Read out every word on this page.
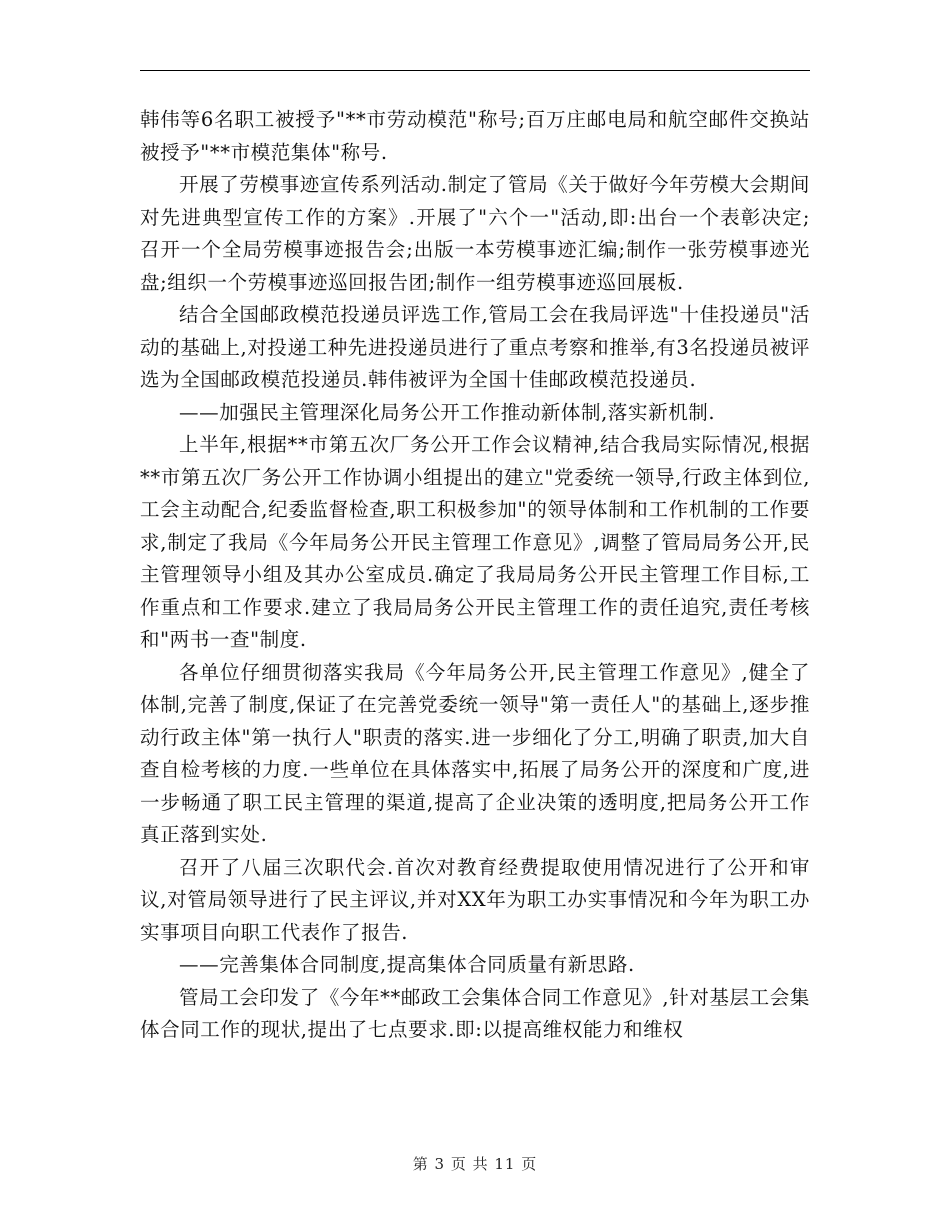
韩伟等6名职工被授予"**市劳动模范"称号;百万庄邮电局和航空邮件交换站被授予"**市模范集体"称号.

开展了劳模事迹宣传系列活动.制定了管局《关于做好今年劳模大会期间对先进典型宣传工作的方案》.开展了"六个一"活动,即:出台一个表彰决定;召开一个全局劳模事迹报告会;出版一本劳模事迹汇编;制作一张劳模事迹光盘;组织一个劳模事迹巡回报告团;制作一组劳模事迹巡回展板.

结合全国邮政模范投递员评选工作,管局工会在我局评选"十佳投递员"活动的基础上,对投递工种先进投递员进行了重点考察和推举,有3名投递员被评选为全国邮政模范投递员.韩伟被评为全国十佳邮政模范投递员.

——加强民主管理深化局务公开工作推动新体制,落实新机制.

上半年,根据**市第五次厂务公开工作会议精神,结合我局实际情况,根据**市第五次厂务公开工作协调小组提出的建立"党委统一领导,行政主体到位,工会主动配合,纪委监督检查,职工积极参加"的领导体制和工作机制的工作要求,制定了我局《今年局务公开民主管理工作意见》,调整了管局局务公开,民主管理领导小组及其办公室成员.确定了我局局务公开民主管理工作目标,工作重点和工作要求.建立了我局局务公开民主管理工作的责任追究,责任考核和"两书一查"制度.

各单位仔细贯彻落实我局《今年局务公开,民主管理工作意见》,健全了体制,完善了制度,保证了在完善党委统一领导"第一责任人"的基础上,逐步推动行政主体"第一执行人"职责的落实.进一步细化了分工,明确了职责,加大自查自检考核的力度.一些单位在具体落实中,拓展了局务公开的深度和广度,进一步畅通了职工民主管理的渠道,提高了企业决策的透明度,把局务公开工作真正落到实处.

召开了八届三次职代会.首次对教育经费提取使用情况进行了公开和审议,对管局领导进行了民主评议,并对XX年为职工办实事情况和今年为职工办实事项目向职工代表作了报告.

——完善集体合同制度,提高集体合同质量有新思路.

管局工会印发了《今年**邮政工会集体合同工作意见》,针对基层工会集体合同工作的现状,提出了七点要求.即:以提高维权能力和维权

第 3 页 共 11 页
